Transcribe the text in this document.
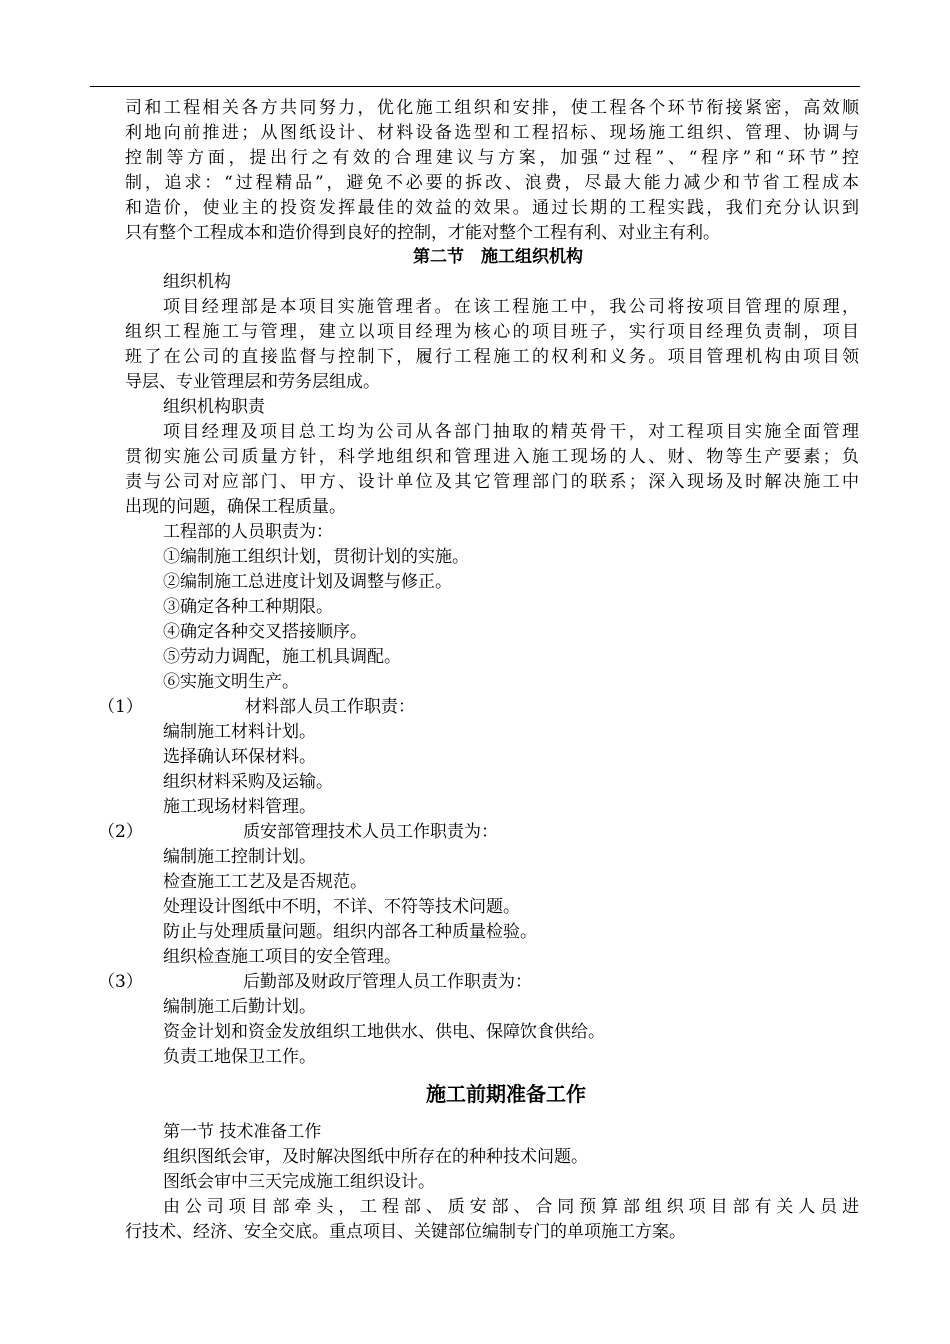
司和工程相关各方共同努力，优化施工组织和安排，使工程各个环节衔接紧密，高效顺
利地向前推进；从图纸设计、材料设备选型和工程招标、现场施工组织、管理、协调与
控制等方面，提出行之有效的合理建议与方案，加强“过程”、“程序”和“环节”控
制，追求：“过程精品”，避免不必要的拆改、浪费，尽最大能力减少和节省工程成本
和造价，使业主的投资发挥最佳的效益的效果。通过长期的工程实践，我们充分认识到
只有整个工程成本和造价得到良好的控制，才能对整个工程有利、对业主有利。
第二节　施工组织机构
组织机构
项目经理部是本项目实施管理者。在该工程施工中，我公司将按项目管理的原理，
组织工程施工与管理，建立以项目经理为核心的项目班子，实行项目经理负责制，项目
班了在公司的直接监督与控制下，履行工程施工的权利和义务。项目管理机构由项目领
导层、专业管理层和劳务层组成。
组织机构职责
项目经理及项目总工均为公司从各部门抽取的精英骨干，对工程项目实施全面管理
贯彻实施公司质量方针，科学地组织和管理进入施工现场的人、财、物等生产要素；负
责与公司对应部门、甲方、设计单位及其它管理部门的联系；深入现场及时解决施工中
出现的问题，确保工程质量。
工程部的人员职责为：
①编制施工组织计划，贯彻计划的实施。
②编制施工总进度计划及调整与修正。
③确定各种工种期限。
④确定各种交叉搭接顺序。
⑤劳动力调配，施工机具调配。
⑥实施文明生产。
（1）	材料部人员工作职责：
编制施工材料计划。
选择确认环保材料。
组织材料采购及运输。
施工现场材料管理。
（2）	质安部管理技术人员工作职责为：
编制施工控制计划。
检查施工工艺及是否规范。
处理设计图纸中不明，不详、不符等技术问题。
防止与处理质量问题。组织内部各工种质量检验。
组织检查施工项目的安全管理。
（3）	后勤部及财政厅管理人员工作职责为：
编制施工后勤计划。
资金计划和资金发放组织工地供水、供电、保障饮食供给。
负责工地保卫工作。
施工前期准备工作
第一节 技术准备工作
组织图纸会审，及时解决图纸中所存在的种种技术问题。
图纸会审中三天完成施工组织设计。
由公司项目部牵头，工程部、质安部、合同预算部组织项目部有关人员进
行技术、经济、安全交底。重点项目、关键部位编制专门的单项施工方案。
